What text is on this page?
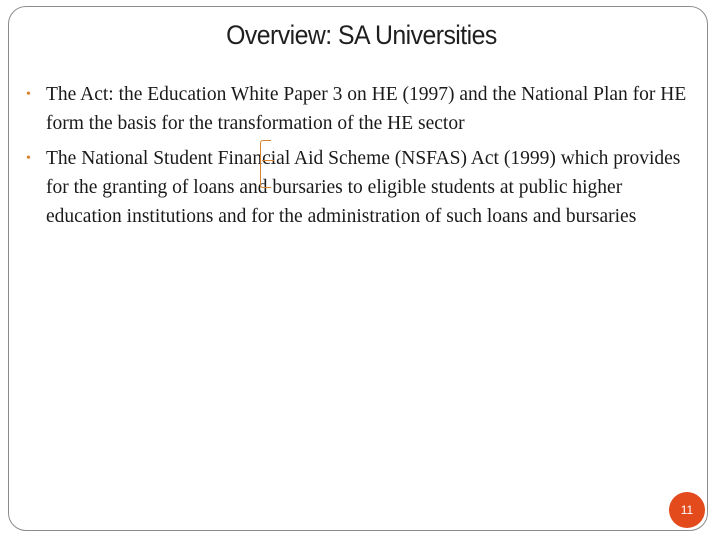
Overview: SA Universities
• The Act: the Education White Paper 3 on HE (1997) and the National Plan for HE form the basis for the transformation of the HE sector
• The National Student Financial Aid Scheme (NSFAS) Act (1999) which provides for the granting of loans and bursaries to eligible students at public higher education institutions and for the administration of such loans and bursaries
11
